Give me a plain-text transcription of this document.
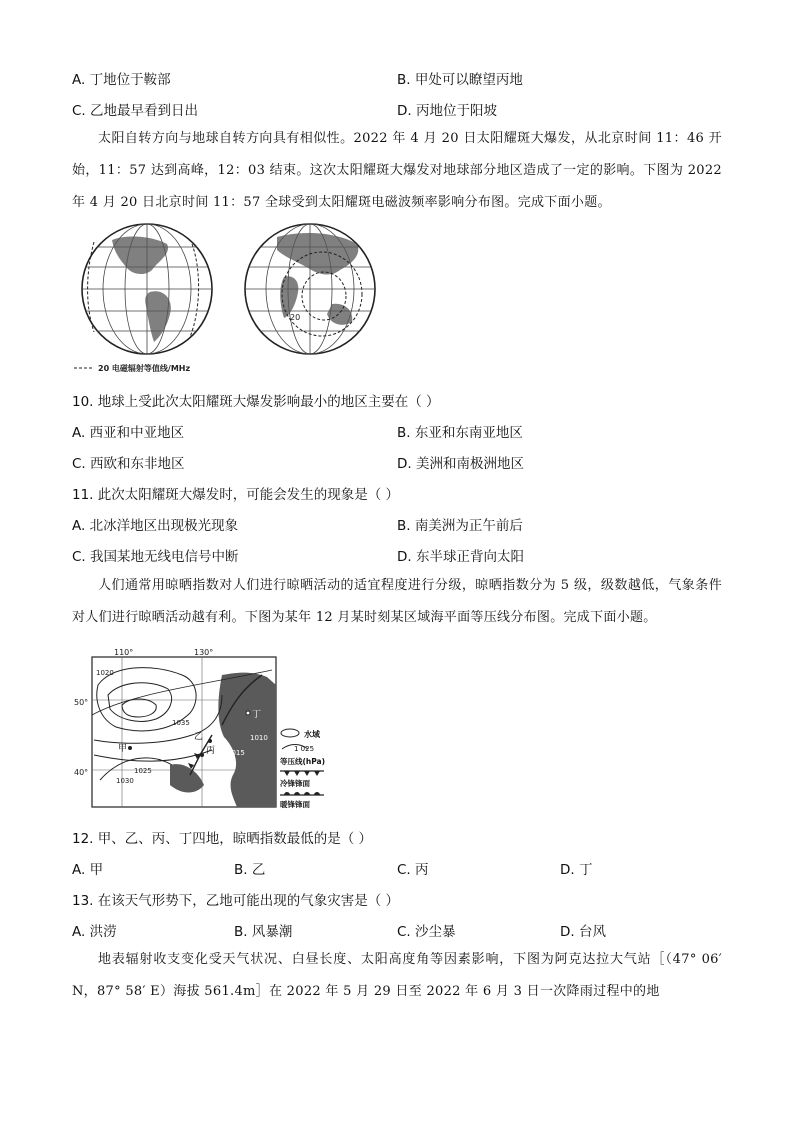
A. 丁地位于鞍部	B. 甲处可以瞭望丙地
C. 乙地最早看到日出	D. 丙地位于阳坡

太阳自转方向与地球自转方向具有相似性。2022 年 4 月 20 日太阳耀斑大爆发，从北京时间 11：46 开始，11：57 达到高峰，12：03 结束。这次太阳耀斑大爆发对地球部分地区造成了一定的影响。下图为 2022 年 4 月 20 日北京时间 11：57 全球受到太阳耀斑电磁波频率影响分布图。完成下面小题。

20
20 电磁辐射等值线/MHz
10. 地球上受此次太阳耀斑大爆发影响最小的地区主要在（ ）
A. 西亚和中亚地区	B. 东亚和东南亚地区
C. 西欧和东非地区	D. 美洲和南极洲地区
11. 此次太阳耀斑大爆发时，可能会发生的现象是（ ）
A. 北冰洋地区出现极光现象	B. 南美洲为正午前后
C. 我国某地无线电信号中断	D. 东半球正背向太阳

人们通常用晾晒指数对人们进行晾晒活动的适宜程度进行分级，晾晒指数分为 5 级，级数越低，气象条件对人们进行晾晒活动越有利。下图为某年 12 月某时刻某区域海平面等压线分布图。完成下面小题。

110°	130°
50°
40°
甲
乙
丙
丁
1020
1030
1025
1035
1015
1010	水域
1 025
等压线(hPa)
冷锋锋面
暖锋锋面
12. 甲、乙、丙、丁四地，晾晒指数最低的是（ ）
A. 甲	B. 乙	C. 丙	D. 丁
13. 在该天气形势下，乙地可能出现的气象灾害是（ ）
A. 洪涝	B. 风暴潮	C. 沙尘暴	D. 台风

地表辐射收支变化受天气状况、白昼长度、太阳高度角等因素影响，下图为阿克达拉大气站［（47° 06′ N，87° 58′ E）海拔 561.4m］在 2022 年 5 月 29 日至 2022 年 6 月 3 日一次降雨过程中的地
